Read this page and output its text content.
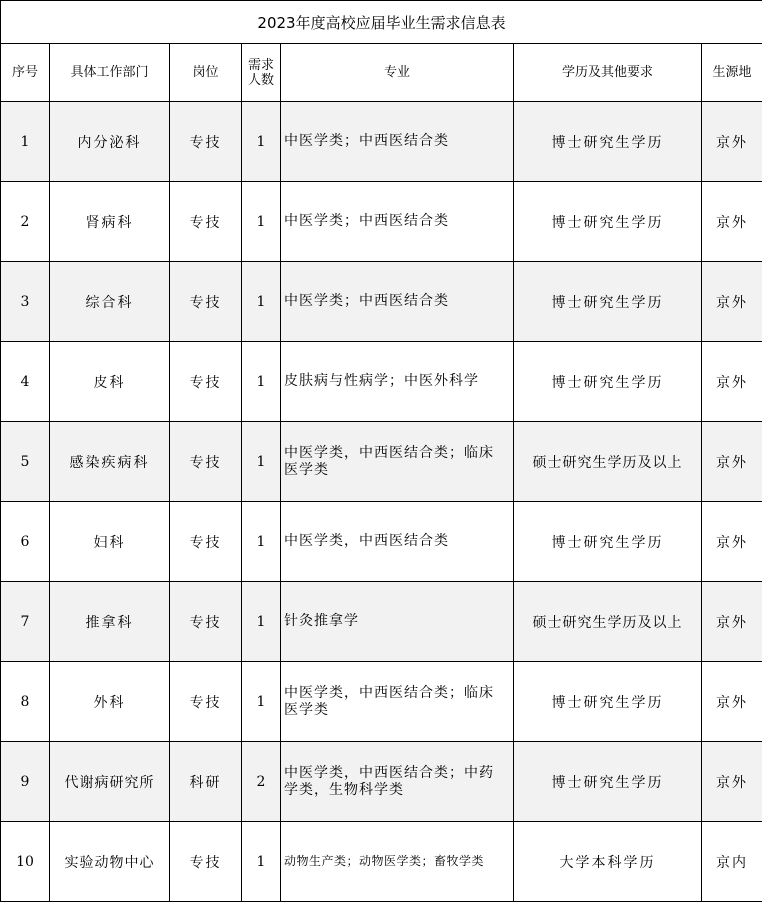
2023年度高校应届毕业生需求信息表						
序号	具体工作部门	岗位	需求人数	专业	学历及其他要求	生源地
1	内分泌科	专技	1	中医学类；中西医结合类	博士研究生学历	京外
2	肾病科	专技	1	中医学类；中西医结合类	博士研究生学历	京外
3	综合科	专技	1	中医学类；中西医结合类	博士研究生学历	京外
4	皮科	专技	1	皮肤病与性病学；中医外科学	博士研究生学历	京外
5	感染疾病科	专技	1	中医学类，中西医结合类；临床医学类	硕士研究生学历及以上	京外
6	妇科	专技	1	中医学类，中西医结合类	博士研究生学历	京外
7	推拿科	专技	1	针灸推拿学	硕士研究生学历及以上	京外
8	外科	专技	1	中医学类，中西医结合类；临床医学类	博士研究生学历	京外
9	代谢病研究所	科研	2	中医学类，中西医结合类；中药学类，生物科学类	博士研究生学历	京外
10	实验动物中心	专技	1	动物生产类；动物医学类；畜牧学类	大学本科学历	京内
